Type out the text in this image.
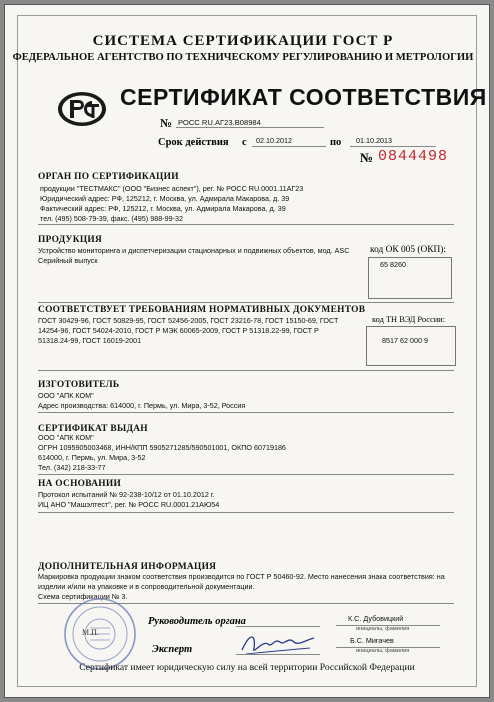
СИСТЕМА СЕРТИФИКАЦИИ ГОСТ Р
ФЕДЕРАЛЬНОЕ АГЕНТСТВО ПО ТЕХНИЧЕСКОМУ РЕГУЛИРОВАНИЮ И МЕТРОЛОГИИ
СЕРТИФИКАТ СООТВЕТСТВИЯ
№ РОСС RU.АГ23.В08984
Срок действия с 02.10.2012	по 01.10.2013
№ 0844498
ОРГАН ПО СЕРТИФИКАЦИИ
продукции "ТЕСТМАКС" (ООО "Бизнес аспект"), рег. № РОСС RU.0001.11АГ23
Юридический адрес: РФ, 125212, г. Москва, ул. Адмирала Макарова, д. 39
Фактический адрес: РФ, 125212, г. Москва, ул. Адмирала Макарова, д. 39
тел. (495) 508-79-39, факс. (495) 988-99-32
ПРОДУКЦИЯ
Устройство мониторинга и диспетчеризации стационарных и подвижных объектов, мод. ASC
Серийный выпуск
код ОК 005 (ОКП):
65 8260
СООТВЕТСТВУЕТ ТРЕБОВАНИЯМ НОРМАТИВНЫХ ДОКУМЕНТОВ
ГОСТ 30429-96, ГОСТ 50829-95, ГОСТ 52456-2005, ГОСТ 23216-78, ГОСТ 15150-69, ГОСТ
14254-96, ГОСТ 54024-2010, ГОСТ Р МЭК 60065-2009, ГОСТ Р 51318.22-99, ГОСТ Р
51318.24-99, ГОСТ 16019-2001
код ТН ВЭД России:
8517 62 000 9
ИЗГОТОВИТЕЛЬ
ООО "АПК КОМ"
Адрес производства: 614000, г. Пермь, ул. Мира, 3-52, Россия
СЕРТИФИКАТ ВЫДАН
ООО "АПК КОМ"
ОГРН 1095905003468, ИНН/КПП 5905271285/590501001, ОКПО 60719186
614000, г. Пермь, ул. Мира, 3-52
Тел. (342) 218-33-77
НА ОСНОВАНИИ
Протокол испытаний № 92-238-10/12 от 01.10.2012 г.
ИЦ АНО "Машэлтест", рег. № РОСС RU.0001.21АЮ54
ДОПОЛНИТЕЛЬНАЯ ИНФОРМАЦИЯ
Маркировка продукции знаком соответствия производится по ГОСТ Р 50460-92. Место нанесения знака соответствия: на
изделии и/или на упаковке и в сопроводительной документации.
Схема сертификации № 3.
М.П.
Руководитель органа	К.С. Дубовицкий
инициалы, фамилия
Эксперт
Б.С. Мигачев
инициалы, фамилия
Сертификат имеет юридическую силу на всей территории Российской Федерации
